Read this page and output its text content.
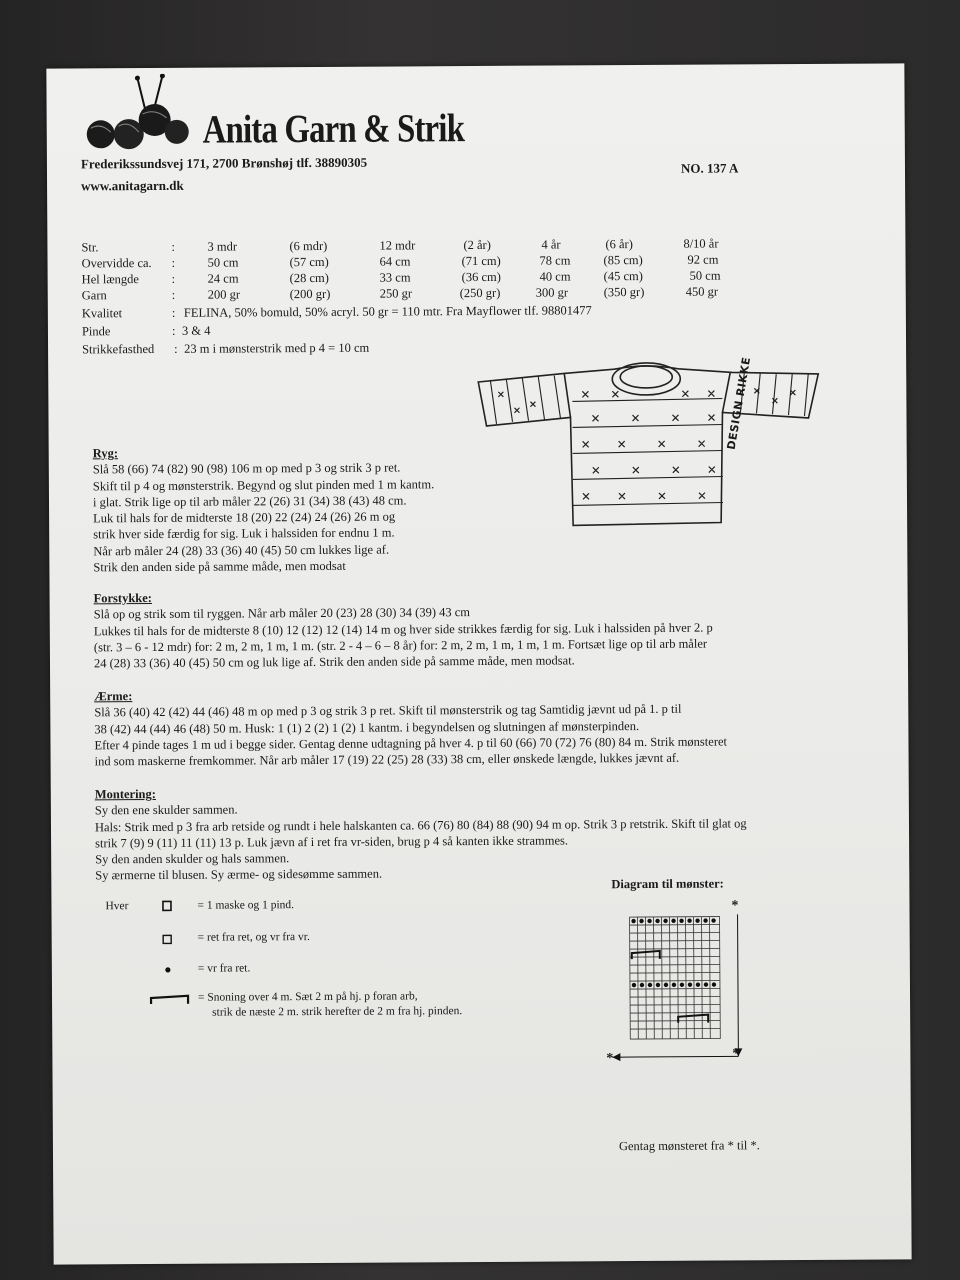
Anita Garn & Strik
Frederikssundsvej 171, 2700 Brønshøj tlf. 38890305
www.anitagarn.dk
NO. 137 A
Str.	:	3 mdr	(6 mdr)	12 mdr	(2 år)	4 år	(6 år)	8/10 år
Overvidde ca. :	50 cm	(57 cm)	64 cm	(71 cm)	78 cm	(85 cm)	92 cm
Hel længde	:	24 cm	(28 cm)	33 cm	(36 cm)	40 cm	(45 cm)	50 cm
Garn	:	200 gr	(200 gr)	250 gr	(250 gr)	300 gr	(350 gr)	450 gr
Kvalitet	: FELINA, 50% bomuld, 50% acryl. 50 gr = 110 mtr. Fra Mayflower tlf. 98801477
Pinde	: 3 & 4
Strikkefasthed : 23 m i mønsterstrik med p 4 = 10 cm
DESIGN RIKKE
Ryg:

Slå 58 (66) 74 (82) 90 (98) 106 m op med p 3 og strik 3 p ret.

Skift til p 4 og mønsterstrik. Begynd og slut pinden med 1 m kantm.

i glat. Strik lige op til arb måler 22 (26) 31 (34) 38 (43) 48 cm.

Luk til hals for de midterste 18 (20) 22 (24) 24 (26) 26 m og

strik hver side færdig for sig. Luk i halssiden for endnu 1 m.

Når arb måler 24 (28) 33 (36) 40 (45) 50 cm lukkes lige af.

Strik den anden side på samme måde, men modsat

Forstykke:

Slå op og strik som til ryggen. Når arb måler 20 (23) 28 (30) 34 (39) 43 cm

Lukkes til hals for de midterste 8 (10) 12 (12) 12 (14) 14 m og hver side strikkes færdig for sig. Luk i halssiden på hver 2. p

(str. 3 – 6 - 12 mdr) for: 2 m, 2 m, 1 m, 1 m. (str. 2 - 4 – 6 – 8 år) for: 2 m, 2 m, 1 m, 1 m, 1 m. Fortsæt lige op til arb måler

24 (28) 33 (36) 40 (45) 50 cm og luk lige af. Strik den anden side på samme måde, men modsat.

Ærme:

Slå 36 (40) 42 (42) 44 (46) 48 m op med p 3 og strik 3 p ret. Skift til mønsterstrik og tag Samtidig jævnt ud på 1. p til

38 (42) 44 (44) 46 (48) 50 m. Husk: 1 (1) 2 (2) 1 (2) 1 kantm. i begyndelsen og slutningen af mønsterpinden.

Efter 4 pinde tages 1 m ud i begge sider. Gentag denne udtagning på hver 4. p til 60 (66) 70 (72) 76 (80) 84 m. Strik mønsteret

ind som maskerne fremkommer. Når arb måler 17 (19) 22 (25) 28 (33) 38 cm, eller ønskede længde, lukkes jævnt af.

Montering:

Sy den ene skulder sammen.

Hals: Strik med p 3 fra arb retside og rundt i hele halskanten ca. 66 (76) 80 (84) 88 (90) 94 m op. Strik 3 p retstrik. Skift til glat og

strik 7 (9) 9 (11) 11 (11) 13 p. Luk jævn af i ret fra vr-siden, brug p 4 så kanten ikke strammes.

Sy den anden skulder og hals sammen.

Sy ærmerne til blusen. Sy ærme- og sidesømme sammen.

Hver	= 1 maske og 1 pind.
= ret fra ret, og vr fra vr.
= vr fra ret.
= Snoning over 4 m. Sæt 2 m på hj. p foran arb,
strik de næste 2 m. strik herefter de 2 m fra hj. pinden.
Diagram til mønster:
*
*	*
Gentag mønsteret fra * til *.
